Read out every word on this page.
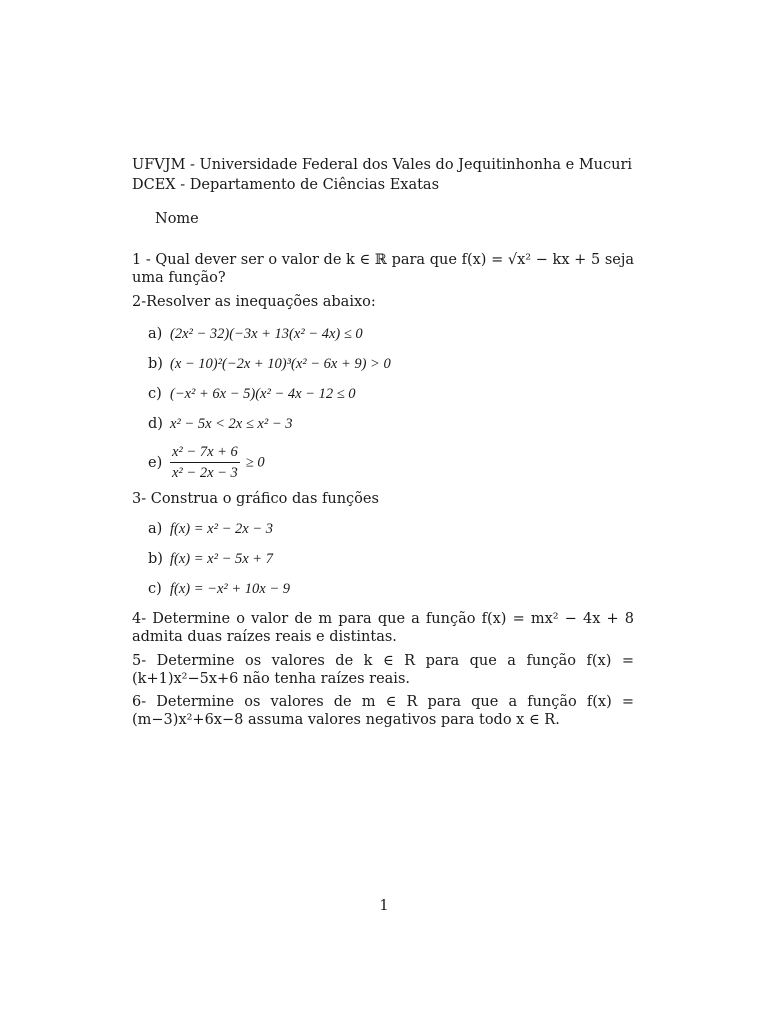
UFVJM - Universidade Federal dos Vales do Jequitinhonha e Mucuri
DCEX - Departamento de Ciências Exatas
Nome
1 - Qual dever ser o valor de k ∈ ℝ para que f(x) = √x² − kx + 5 seja uma função?
2-Resolver as inequações abaixo:
a) (2x² − 32)(−3x + 13(x² − 4x) ≤ 0
b) (x − 10)²(−2x + 10)³(x² − 6x + 9) > 0
c) (−x² + 6x − 5)(x² − 4x − 12 ≤ 0
d) x² − 5x < 2x ≤ x² − 3
$e) \frac{\text{x² − 7x + 6}}{\text{x² − 2x − 3}} \ge 0$
3- Construa o gráfico das funções
a) f(x) = x² − 2x − 3
b) f(x) = x² − 5x + 7
c) f(x) = −x² + 10x − 9
4- Determine o valor de m para que a função f(x) = mx² − 4x + 8 admita duas raízes reais e distintas.
5- Determine os valores de k ∈ R para que a função f(x) = (k+1)x²−5x+6 não tenha raízes reais.
6- Determine os valores de m ∈ R para que a função f(x) = (m−3)x²+6x−8 assuma valores negativos para todo x ∈ R.
1
